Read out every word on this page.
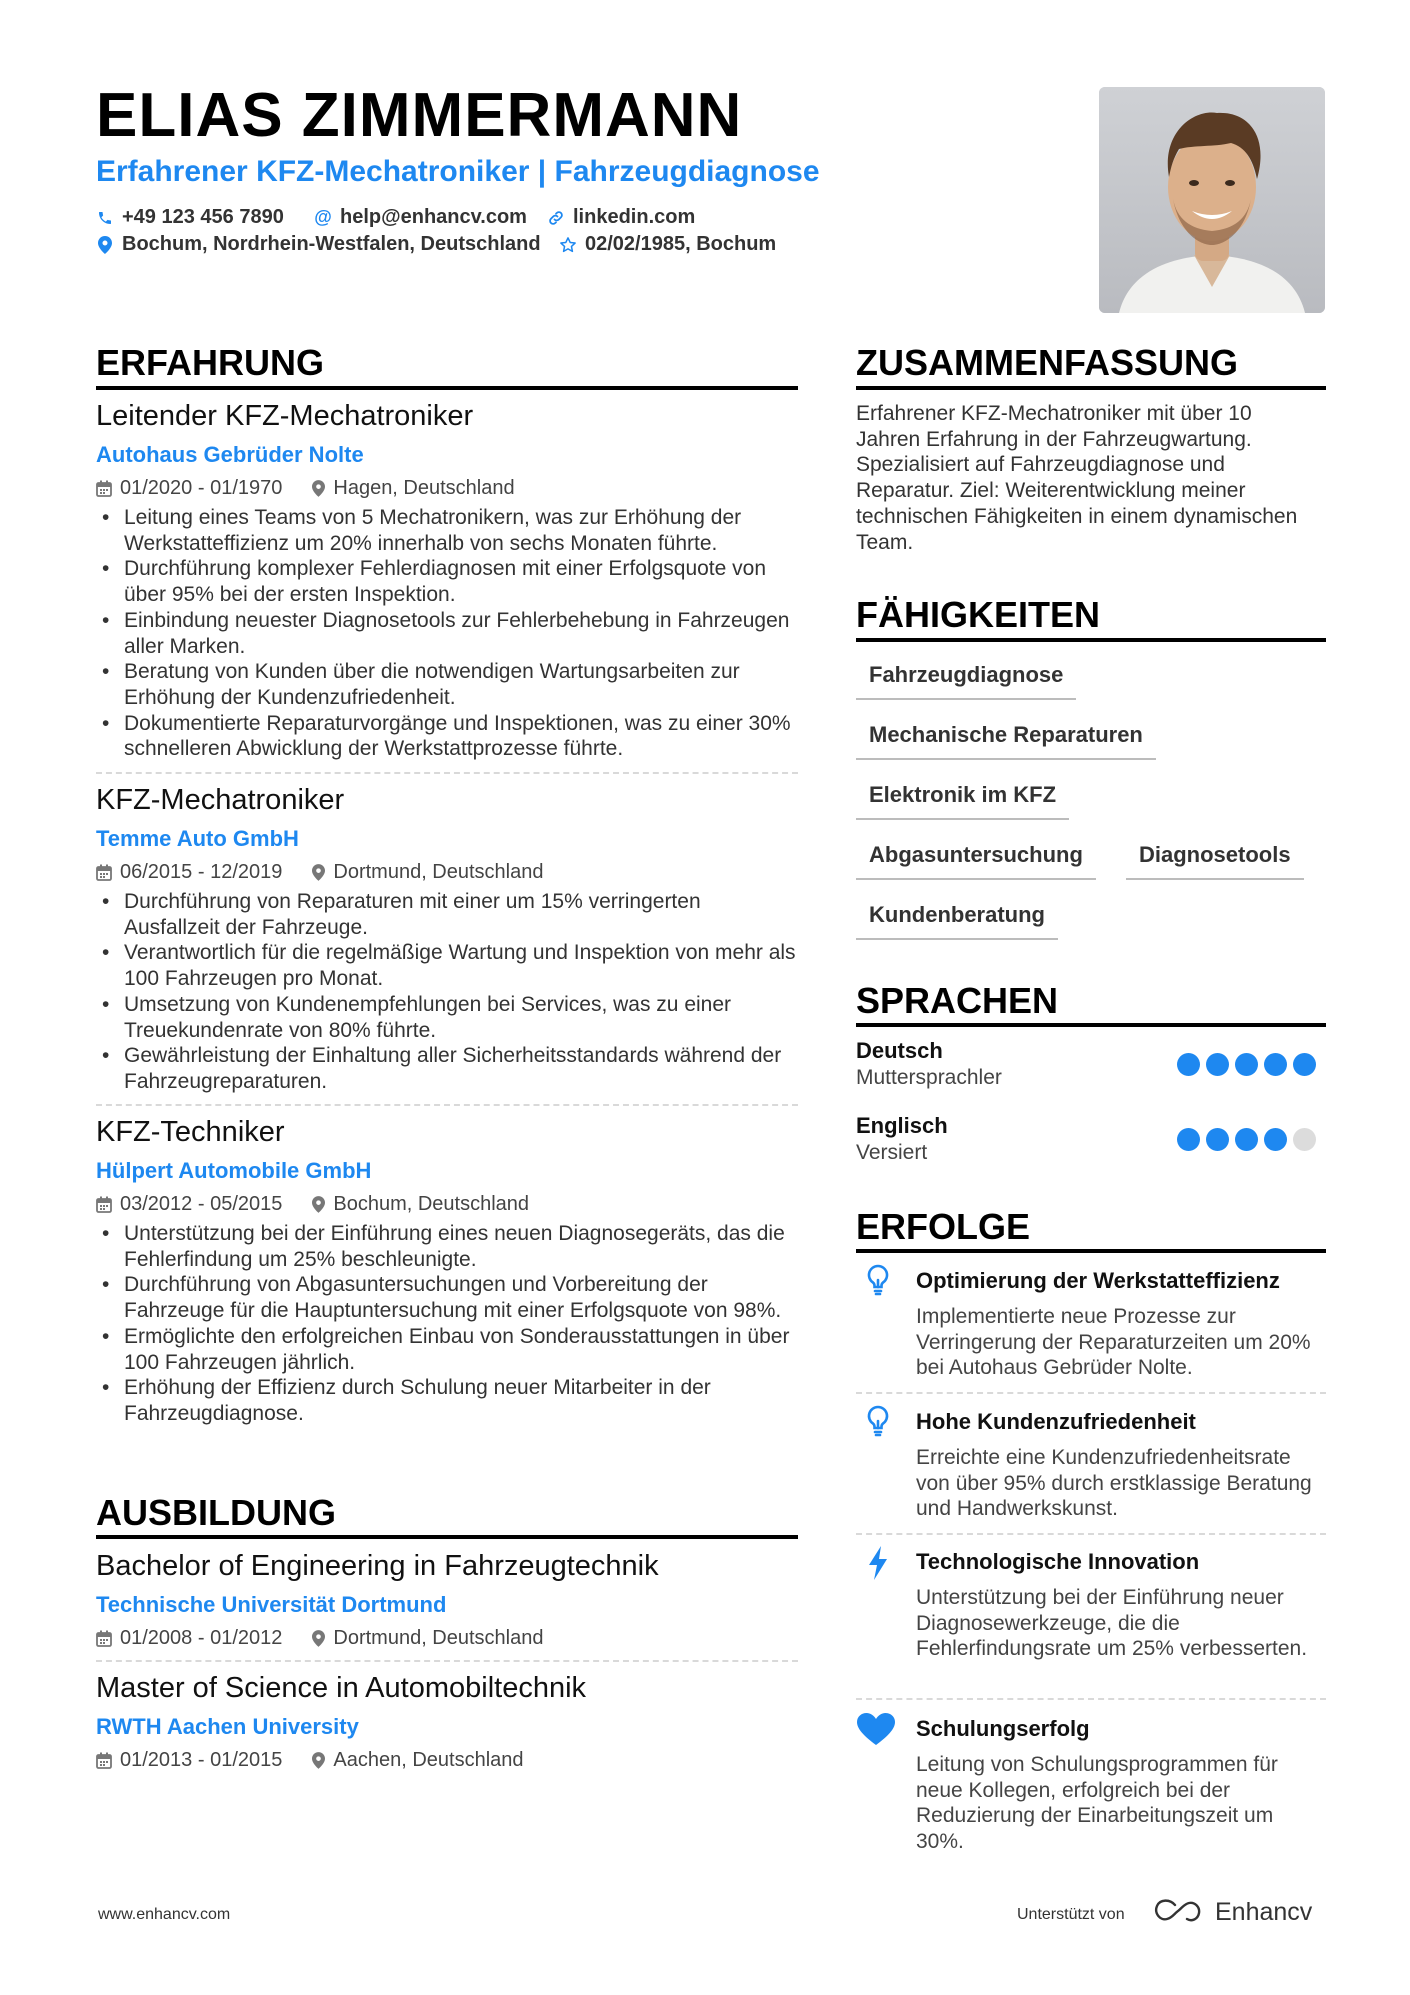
ELIAS ZIMMERMANN
Erfahrener KFZ-Mechatroniker | Fahrzeugdiagnose
+49 123 456 7890 @ help@enhancv.com linkedin.com
Bochum, Nordrhein-Westfalen, Deutschland 02/02/1985, Bochum
ERFAHRUNG
Leitender KFZ-Mechatroniker
Autohaus Gebrüder Nolte
01/2020 - 01/1970	Hagen, Deutschland
• Leitung eines Teams von 5 Mechatronikern, was zur Erhöhung der Werkstatteffizienz um 20% innerhalb von sechs Monaten führte.
• Durchführung komplexer Fehlerdiagnosen mit einer Erfolgsquote von über 95% bei der ersten Inspektion.
• Einbindung neuester Diagnosetools zur Fehlerbehebung in Fahrzeugen aller Marken.
• Beratung von Kunden über die notwendigen Wartungsarbeiten zur Erhöhung der Kundenzufriedenheit.
• Dokumentierte Reparaturvorgänge und Inspektionen, was zu einer 30% schnelleren Abwicklung der Werkstattprozesse führte.
KFZ-Mechatroniker
Temme Auto GmbH
06/2015 - 12/2019	Dortmund, Deutschland
• Durchführung von Reparaturen mit einer um 15% verringerten Ausfallzeit der Fahrzeuge.
• Verantwortlich für die regelmäßige Wartung und Inspektion von mehr als 100 Fahrzeugen pro Monat.
• Umsetzung von Kundenempfehlungen bei Services, was zu einer Treuekundenrate von 80% führte.
• Gewährleistung der Einhaltung aller Sicherheitsstandards während der Fahrzeugreparaturen.
KFZ-Techniker
Hülpert Automobile GmbH
03/2012 - 05/2015	Bochum, Deutschland
• Unterstützung bei der Einführung eines neuen Diagnosegeräts, das die Fehlerfindung um 25% beschleunigte.
• Durchführung von Abgasuntersuchungen und Vorbereitung der Fahrzeuge für die Hauptuntersuchung mit einer Erfolgsquote von 98%.
• Ermöglichte den erfolgreichen Einbau von Sonderausstattungen in über 100 Fahrzeugen jährlich.
• Erhöhung der Effizienz durch Schulung neuer Mitarbeiter in der Fahrzeugdiagnose.
AUSBILDUNG
Bachelor of Engineering in Fahrzeugtechnik
Technische Universität Dortmund
01/2008 - 01/2012	Dortmund, Deutschland
Master of Science in Automobiltechnik
RWTH Aachen University
01/2013 - 01/2015	Aachen, Deutschland
ZUSAMMENFASSUNG
Erfahrener KFZ-Mechatroniker mit über 10 Jahren Erfahrung in der Fahrzeugwartung. Spezialisiert auf Fahrzeugdiagnose und Reparatur. Ziel: Weiterentwicklung meiner technischen Fähigkeiten in einem dynamischen Team.
FÄHIGKEITEN
Fahrzeugdiagnose
Mechanische Reparaturen
Elektronik im KFZ
Abgasuntersuchung	Diagnosetools
Kundenberatung
SPRACHEN
Deutsch
Muttersprachler
Englisch
Versiert
ERFOLGE
Optimierung der Werkstatteffizienz
Implementierte neue Prozesse zur Verringerung der Reparaturzeiten um 20% bei Autohaus Gebrüder Nolte.
Hohe Kundenzufriedenheit
Erreichte eine Kundenzufriedenheitsrate von über 95% durch erstklassige Beratung und Handwerkskunst.
Technologische Innovation
Unterstützung bei der Einführung neuer Diagnosewerkzeuge, die die Fehlerfindungsrate um 25% verbesserten.
Schulungserfolg
Leitung von Schulungsprogrammen für neue Kollegen, erfolgreich bei der Reduzierung der Einarbeitungszeit um 30%.
www.enhancv.com	Unterstützt von	Enhancv
